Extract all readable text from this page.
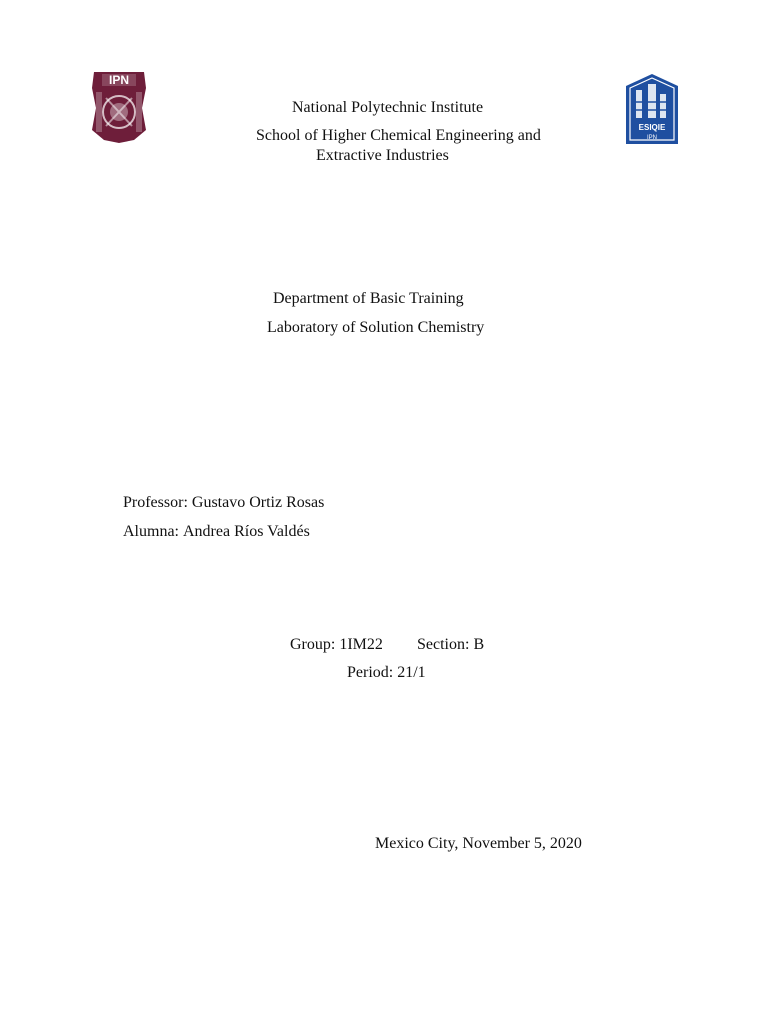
IPN
ESIQIE
IPN
National Polytechnic Institute
School of Higher Chemical Engineering and
Extractive Industries
Department of Basic Training
Laboratory of Solution Chemistry
Professor: Gustavo Ortiz Rosas
Alumna: Andrea Ríos Valdés
Group: 1IM22 Section: B
Period: 21/1
Mexico City, November 5, 2020
